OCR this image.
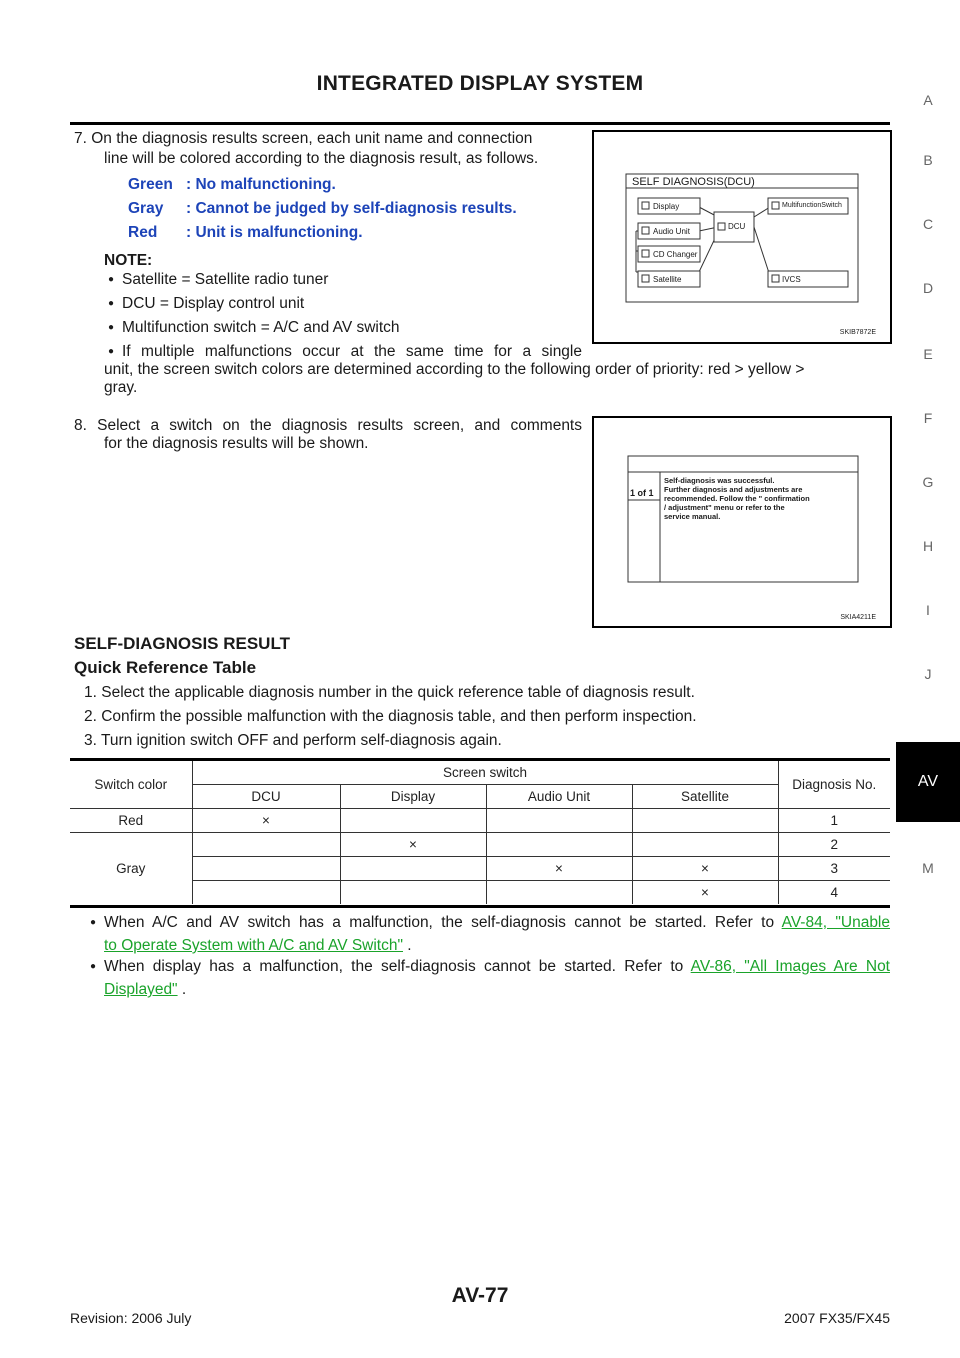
INTEGRATED DISPLAY SYSTEM
A
B
C
D
E
F
G
H
I
J
M
AV
7. On the diagnosis results screen, each unit name and connection
line will be colored according to the diagnosis result, as follows.
Green : No malfunctioning.
Gray : Cannot be judged by self-diagnosis results.
Red : Unit is malfunctioning.
NOTE:
● Satellite = Satellite radio tuner
● DCU = Display control unit
● Multifunction switch = A/C and AV switch
● If multiple malfunctions occur at the same time for a single
unit, the screen switch colors are determined according to the following order of priority: red > yellow >
gray.
SELF DIAGNOSIS(DCU)
Display
Audio Unit
CD Changer
Satellite
DCU
MultifunctionSwitch
IVCS
SKIB7872E
8. Select a switch on the diagnosis results screen, and comments
for the diagnosis results will be shown.
1 of 1
Self-diagnosis was successful.
Further diagnosis and adjustments are
recommended. Follow the " confirmation
/ adjustment" menu or refer to the
service manual.
SKIA4211E
SELF-DIAGNOSIS RESULT
Quick Reference Table
1. Select the applicable diagnosis number in the quick reference table of diagnosis result.
2. Confirm the possible malfunction with the diagnosis table, and then perform inspection.
3. Turn ignition switch OFF and perform self-diagnosis again.
Switch color	Screen switch				Diagnosis No.
	DCU	Display	Audio Unit	Satellite	
Red	×				1
Gray		×			2
			×	×	3
				×	4
● When A/C and AV switch has a malfunction, the self-diagnosis cannot be started. Refer to AV-84, "Unable
to Operate System with A/C and AV Switch" .
● When display has a malfunction, the self-diagnosis cannot be started. Refer to AV-86, "All Images Are Not
Displayed" .
Revision: 2006 July
AV-77
2007 FX35/FX45
